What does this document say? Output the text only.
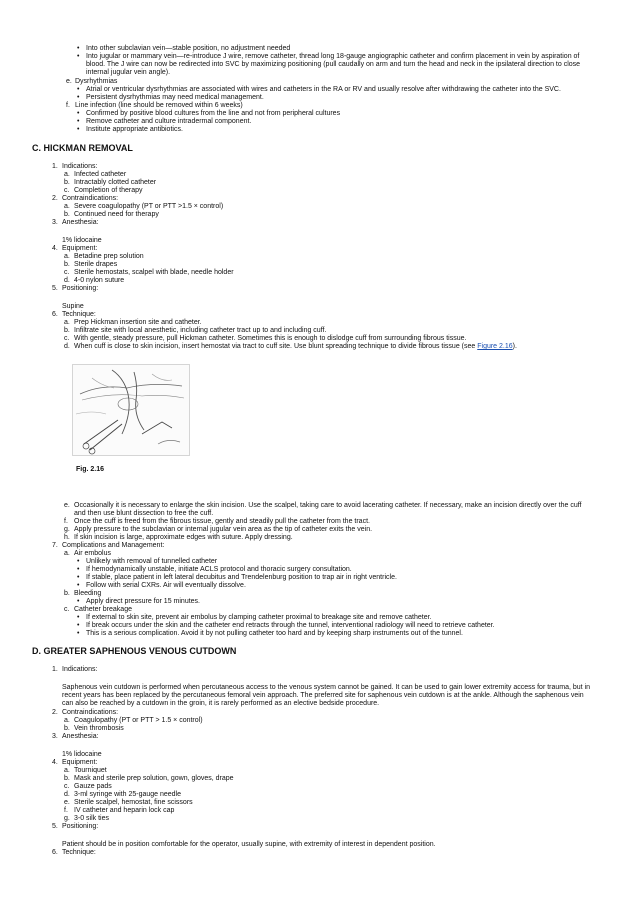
• Into other subclavian vein—stable position, no adjustment needed
• Into jugular or mammary vein—re-introduce J wire, remove catheter, thread long 18-gauge angiographic catheter and confirm placement in vein by aspiration of blood. The J wire can now be redirected into SVC by maximizing positioning (pull caudally on arm and turn the head and neck in the ipsilateral direction to close internal jugular vein angle).
e. Dysrhythmias
• Atrial or ventricular dysrhythmias are associated with wires and catheters in the RA or RV and usually resolve after withdrawing the catheter into the SVC.
• Persistent dysrhythmias may need medical management.
f. Line infection (line should be removed within 6 weeks)
• Confirmed by positive blood cultures from the line and not from peripheral cultures
• Remove catheter and culture intradermal component.
• Institute appropriate antibiotics.
C. HICKMAN REMOVAL
1. Indications:
a. Infected catheter
b. Intractably clotted catheter
c. Completion of therapy
2. Contraindications:
a. Severe coagulopathy (PT or PTT >1.5 × control)
b. Continued need for therapy
3. Anesthesia:
1% lidocaine
4. Equipment:
a. Betadine prep solution
b. Sterile drapes
c. Sterile hemostats, scalpel with blade, needle holder
d. 4-0 nylon suture
5. Positioning:
Supine
6. Technique:
a. Prep Hickman insertion site and catheter.
b. Infiltrate site with local anesthetic, including catheter tract up to and including cuff.
c. With gentle, steady pressure, pull Hickman catheter. Sometimes this is enough to dislodge cuff from surrounding fibrous tissue.
d. When cuff is close to skin incision, insert hemostat via tract to cuff site. Use blunt spreading technique to divide fibrous tissue (see Figure 2.16).
Fig. 2.16
e. Occasionally it is necessary to enlarge the skin incision. Use the scalpel, taking care to avoid lacerating catheter. If necessary, make an incision directly over the cuff and then use blunt dissection to free the cuff.
f. Once the cuff is freed from the fibrous tissue, gently and steadily pull the catheter from the tract.
g. Apply pressure to the subclavian or internal jugular vein area as the tip of catheter exits the vein.
h. If skin incision is large, approximate edges with suture. Apply dressing.
7. Complications and Management:
a. Air embolus
• Unlikely with removal of tunnelled catheter
• If hemodynamically unstable, initiate ACLS protocol and thoracic surgery consultation.
• If stable, place patient in left lateral decubitus and Trendelenburg position to trap air in right ventricle.
• Follow with serial CXRs. Air will eventually dissolve.
b. Bleeding
• Apply direct pressure for 15 minutes.
c. Catheter breakage
• If external to skin site, prevent air embolus by clamping catheter proximal to breakage site and remove catheter.
• If break occurs under the skin and the catheter end retracts through the tunnel, interventional radiology will need to retrieve catheter.
• This is a serious complication. Avoid it by not pulling catheter too hard and by keeping sharp instruments out of the tunnel.
D. GREATER SAPHENOUS VENOUS CUTDOWN
1. Indications:
Saphenous vein cutdown is performed when percutaneous access to the venous system cannot be gained. It can be used to gain lower extremity access for trauma, but in recent years has been replaced by the percutaneous femoral vein approach. The preferred site for saphenous vein cutdown is at the ankle. Although the saphenous vein can also be reached by a cutdown in the groin, it is rarely performed as an elective bedside procedure.
2. Contraindications:
a. Coagulopathy (PT or PTT > 1.5 × control)
b. Vein thrombosis
3. Anesthesia:
1% lidocaine
4. Equipment:
a. Tourniquet
b. Mask and sterile prep solution, gown, gloves, drape
c. Gauze pads
d. 3-ml syringe with 25-gauge needle
e. Sterile scalpel, hemostat, fine scissors
f. IV catheter and heparin lock cap
g. 3-0 silk ties
5. Positioning:
Patient should be in position comfortable for the operator, usually supine, with extremity of interest in dependent position.
6. Technique:
